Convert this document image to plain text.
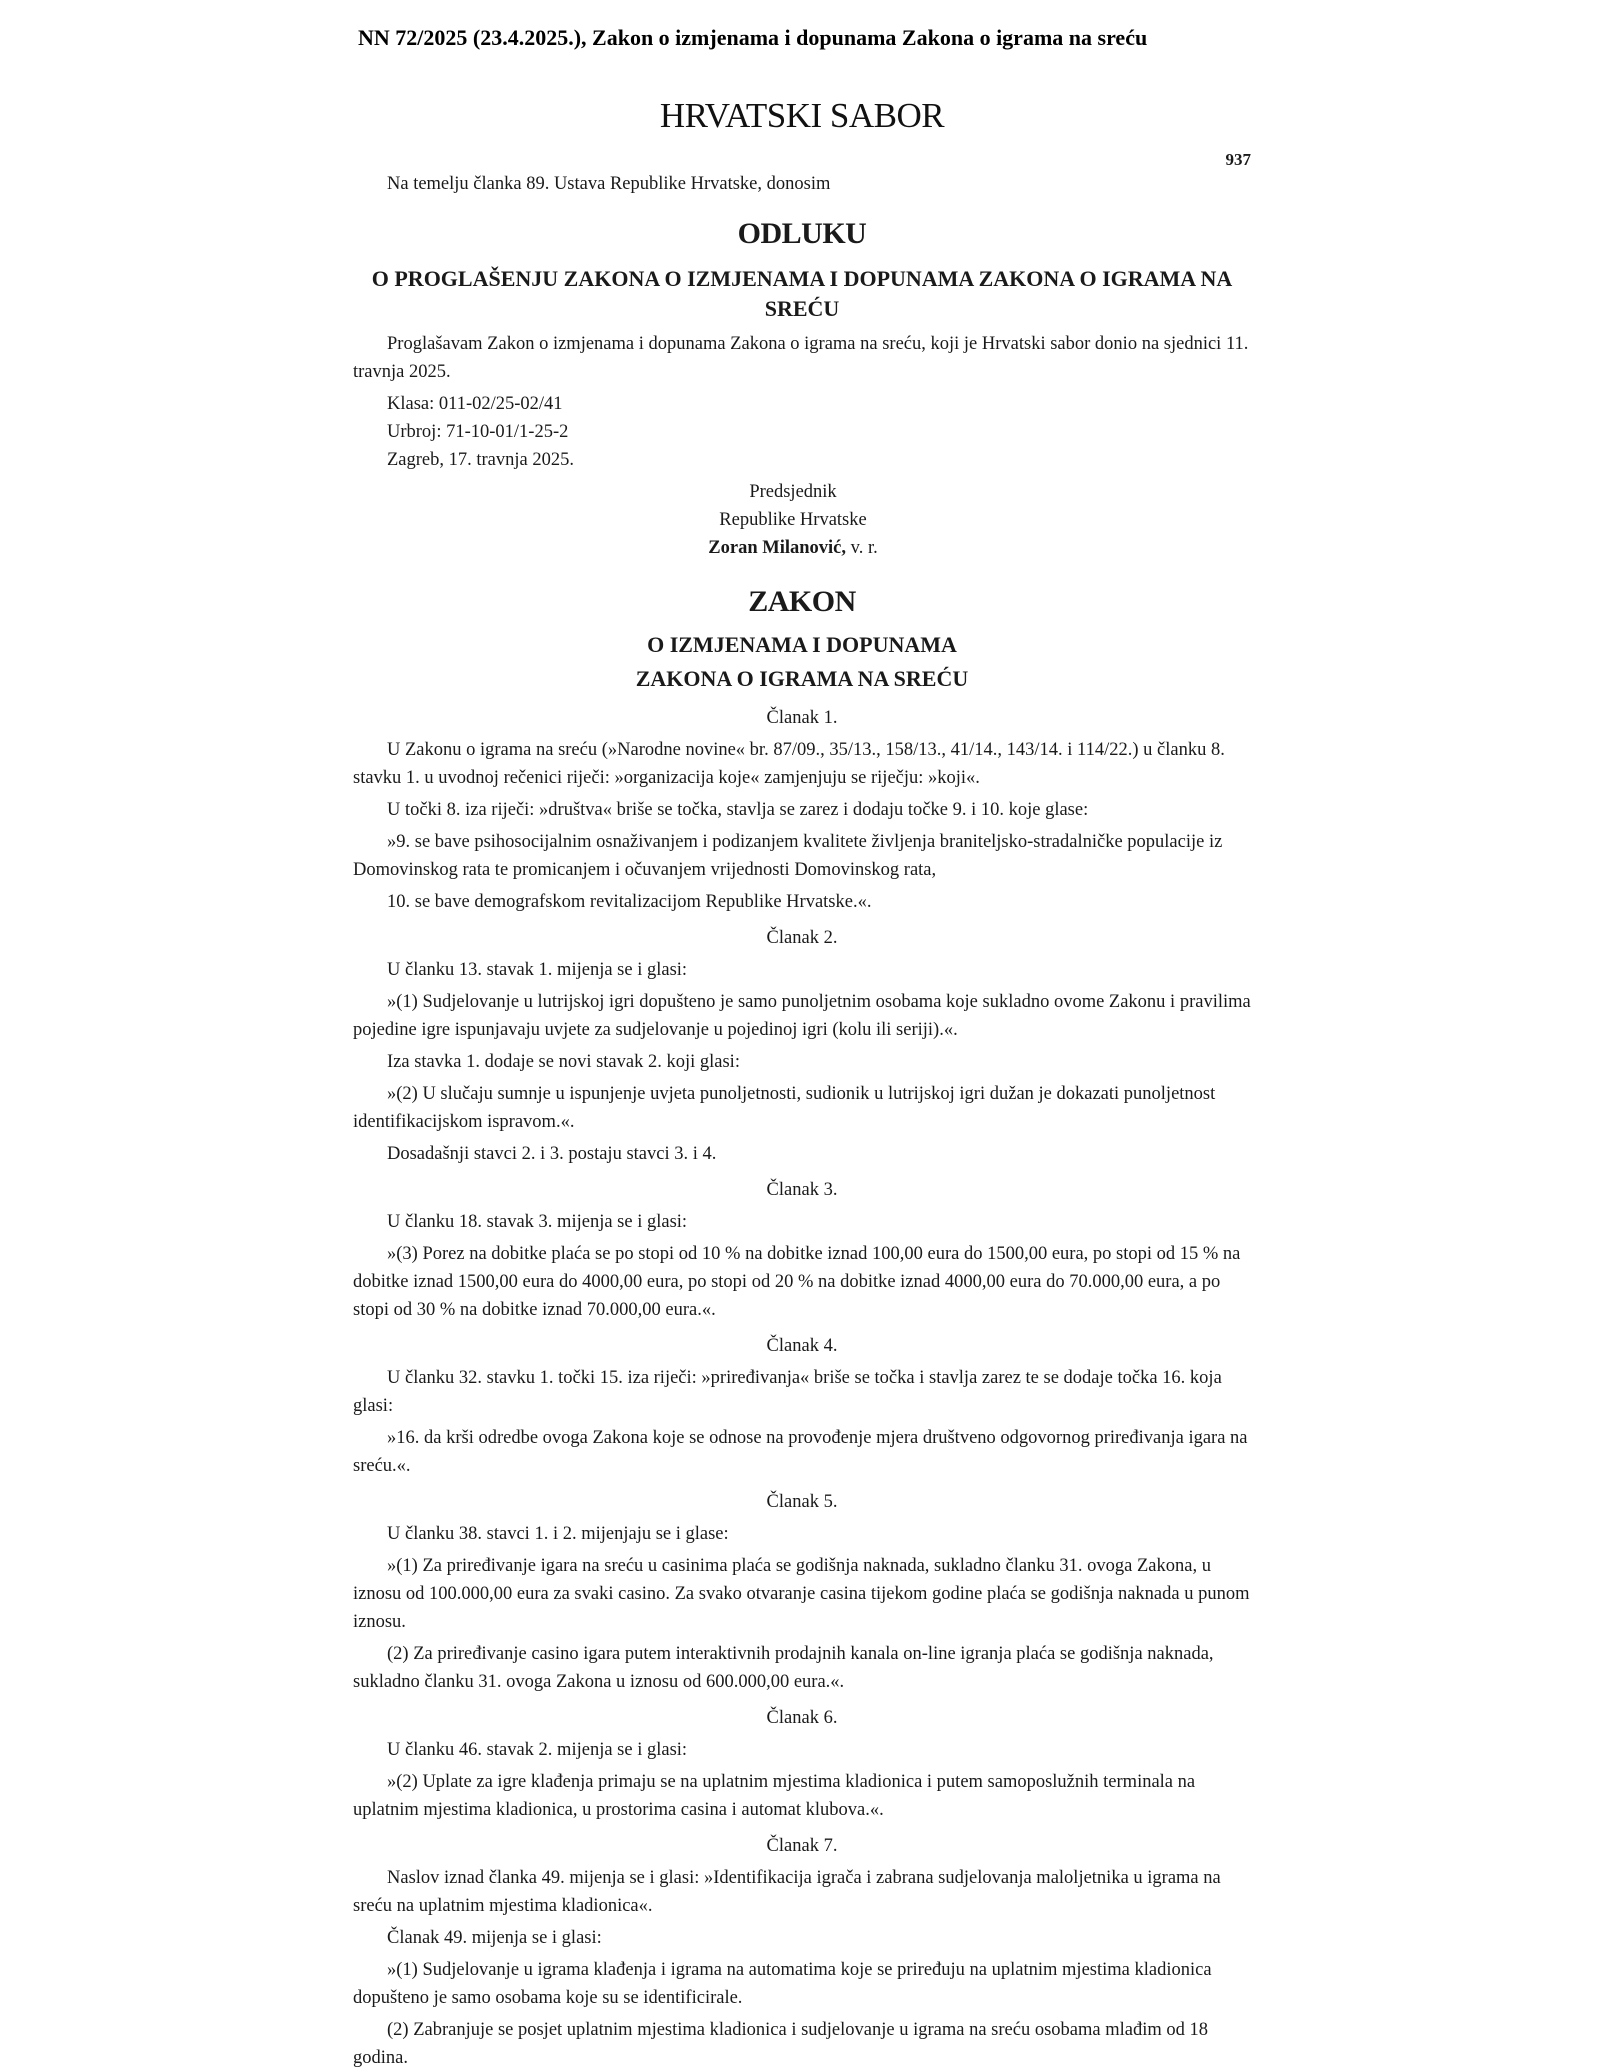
NN 72/2025 (23.4.2025.), Zakon o izmjenama i dopunama Zakona o igrama na sreću
HRVATSKI SABOR
937

Na temelju članka 89. Ustava Republike Hrvatske, donosim

ODLUKU
O PROGLAŠENJU ZAKONA O IZMJENAMA I DOPUNAMA ZAKONA O IGRAMA NA SREĆU

Proglašavam Zakon o izmjenama i dopunama Zakona o igrama na sreću, koji je Hrvatski sabor donio na sjednici 11. travnja 2025.

Klasa: 011-02/25-02/41

Urbroj: 71-10-01/1-25-2

Zagreb, 17. travnja 2025.

Predsjednik
Republike Hrvatske
Zoran Milanović, v. r.
ZAKON
O IZMJENAMA I DOPUNAMA
ZAKONA O IGRAMA NA SREĆU
Članak 1.

U Zakonu o igrama na sreću (»Narodne novine« br. 87/09., 35/13., 158/13., 41/14., 143/14. i 114/22.) u članku 8. stavku 1. u uvodnoj rečenici riječi: »organizacija koje« zamjenjuju se riječju: »koji«.

U točki 8. iza riječi: »društva« briše se točka, stavlja se zarez i dodaju točke 9. i 10. koje glase:

»9. se bave psihosocijalnim osnaživanjem i podizanjem kvalitete življenja braniteljsko-stradalničke populacije iz Domovinskog rata te promicanjem i očuvanjem vrijednosti Domovinskog rata,

10. se bave demografskom revitalizacijom Republike Hrvatske.«.

Članak 2.

U članku 13. stavak 1. mijenja se i glasi:

»(1) Sudjelovanje u lutrijskoj igri dopušteno je samo punoljetnim osobama koje sukladno ovome Zakonu i pravilima pojedine igre ispunjavaju uvjete za sudjelovanje u pojedinoj igri (kolu ili seriji).«.

Iza stavka 1. dodaje se novi stavak 2. koji glasi:

»(2) U slučaju sumnje u ispunjenje uvjeta punoljetnosti, sudionik u lutrijskoj igri dužan je dokazati punoljetnost identifikacijskom ispravom.«.

Dosadašnji stavci 2. i 3. postaju stavci 3. i 4.

Članak 3.

U članku 18. stavak 3. mijenja se i glasi:

»(3) Porez na dobitke plaća se po stopi od 10 % na dobitke iznad 100,00 eura do 1500,00 eura, po stopi od 15 % na dobitke iznad 1500,00 eura do 4000,00 eura, po stopi od 20 % na dobitke iznad 4000,00 eura do 70.000,00 eura, a po stopi od 30 % na dobitke iznad 70.000,00 eura.«.

Članak 4.

U članku 32. stavku 1. točki 15. iza riječi: »priređivanja« briše se točka i stavlja zarez te se dodaje točka 16. koja glasi:

»16. da krši odredbe ovoga Zakona koje se odnose na provođenje mjera društveno odgovornog priređivanja igara na sreću.«.

Članak 5.

U članku 38. stavci 1. i 2. mijenjaju se i glase:

»(1) Za priređivanje igara na sreću u casinima plaća se godišnja naknada, sukladno članku 31. ovoga Zakona, u iznosu od 100.000,00 eura za svaki casino. Za svako otvaranje casina tijekom godine plaća se godišnja naknada u punom iznosu.

(2) Za priređivanje casino igara putem interaktivnih prodajnih kanala on-line igranja plaća se godišnja naknada, sukladno članku 31. ovoga Zakona u iznosu od 600.000,00 eura.«.

Članak 6.

U članku 46. stavak 2. mijenja se i glasi:

»(2) Uplate za igre klađenja primaju se na uplatnim mjestima kladionica i putem samoposlužnih terminala na uplatnim mjestima kladionica, u prostorima casina i automat klubova.«.

Članak 7.

Naslov iznad članka 49. mijenja se i glasi: »Identifikacija igrača i zabrana sudjelovanja maloljetnika u igrama na sreću na uplatnim mjestima kladionica«.

Članak 49. mijenja se i glasi:

»(1) Sudjelovanje u igrama klađenja i igrama na automatima koje se priređuju na uplatnim mjestima kladionica dopušteno je samo osobama koje su se identificirale.

(2) Zabranjuje se posjet uplatnim mjestima kladionica i sudjelovanje u igrama na sreću osobama mlađim od 18 godina.
